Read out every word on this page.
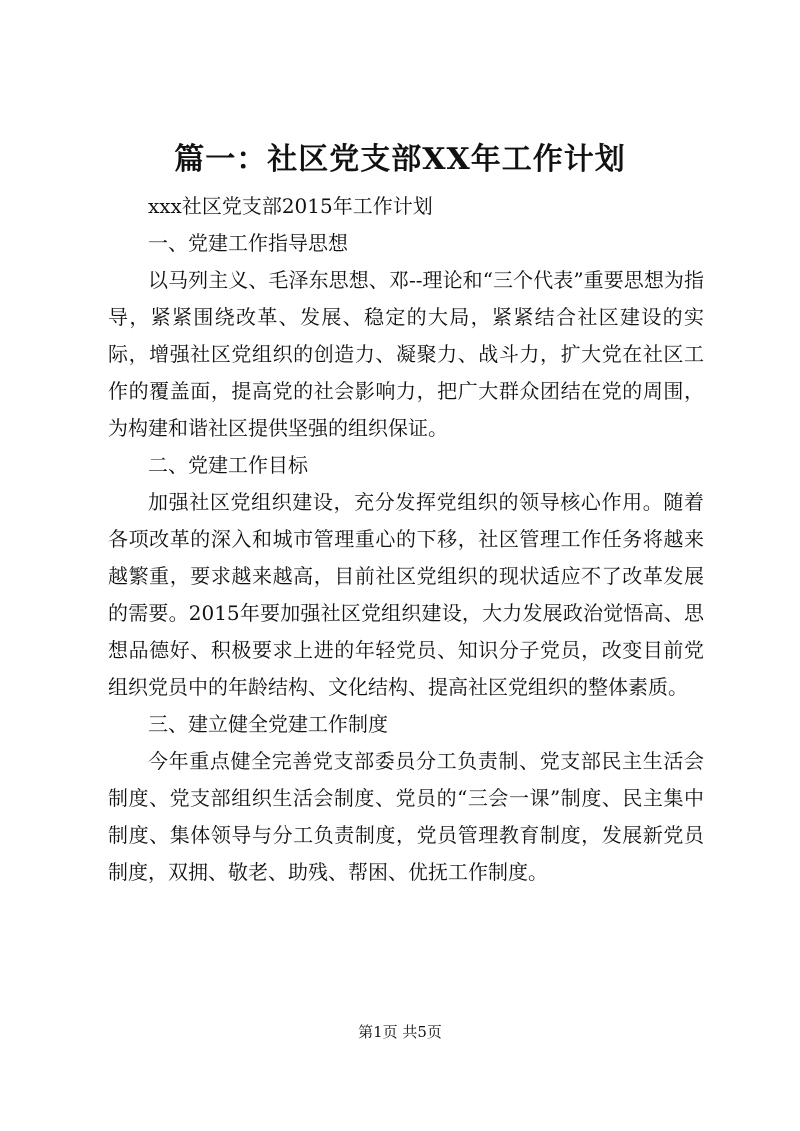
篇一：社区党支部XX年工作计划

xxx社区党支部2015年工作计划

一、党建工作指导思想

以马列主义、毛泽东思想、邓--理论和“三个代表”重要思想为指导，紧紧围绕改革、发展、稳定的大局，紧紧结合社区建设的实际，增强社区党组织的创造力、凝聚力、战斗力，扩大党在社区工作的覆盖面，提高党的社会影响力，把广大群众团结在党的周围，为构建和谐社区提供坚强的组织保证。

二、党建工作目标

加强社区党组织建设，充分发挥党组织的领导核心作用。随着各项改革的深入和城市管理重心的下移，社区管理工作任务将越来越繁重，要求越来越高，目前社区党组织的现状适应不了改革发展的需要。2015年要加强社区党组织建设，大力发展政治觉悟高、思想品德好、积极要求上进的年轻党员、知识分子党员，改变目前党组织党员中的年龄结构、文化结构、提高社区党组织的整体素质。

三、建立健全党建工作制度

今年重点健全完善党支部委员分工负责制、党支部民主生活会制度、党支部组织生活会制度、党员的“三会一课”制度、民主集中制度、集体领导与分工负责制度，党员管理教育制度，发展新党员制度，双拥、敬老、助残、帮困、优抚工作制度。

第1页 共5页
